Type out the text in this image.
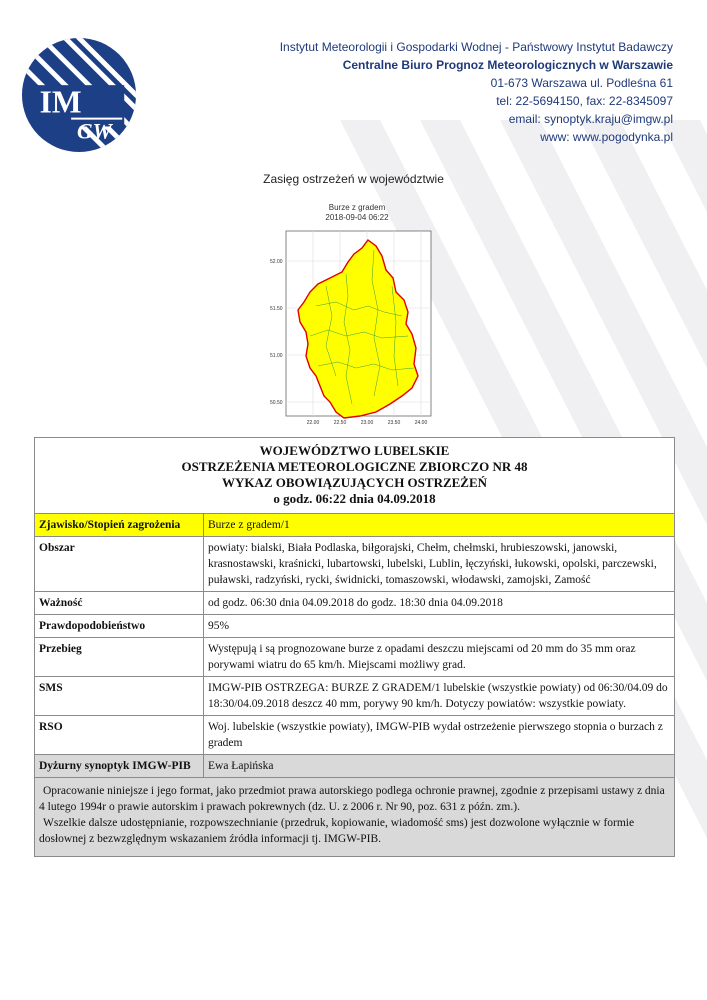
IM
GW
Instytut Meteorologii i Gospodarki Wodnej - Państwowy Instytut Badawczy
Centralne Biuro Prognoz Meteorologicznych w Warszawie
01-673 Warszawa ul. Podleśna 61
tel: 22-5694150, fax: 22-8345097
email: synoptyk.kraju@imgw.pl
www: www.pogodynka.pl
Zasięg ostrzeżeń w województwie
Burze z gradem
2018-09-04 06:22
52.00
51.50
51.00
50.50
22.00	22.50	23.00	23.50	24.00
WOJEWÓDZTWO LUBELSKIE
OSTRZEŻENIA METEOROLOGICZNE ZBIORCZO NR 48
WYKAZ OBOWIĄZUJĄCYCH OSTRZEŻEŃ
o godz. 06:22 dnia 04.09.2018	

Zjawisko/Stopień zagrożenia	Burze z gradem/1
Obszar	powiaty: bialski, Biała Podlaska, biłgorajski, Chełm, chełmski, hrubieszowski, janowski, krasnostawski, kraśnicki, lubartowski, lubelski, Lublin, łęczyński, łukowski, opolski, parczewski, puławski, radzyński, rycki, świdnicki, tomaszowski, włodawski, zamojski, Zamość
Ważność	od godz. 06:30 dnia 04.09.2018 do godz. 18:30 dnia 04.09.2018
Prawdopodobieństwo	95%
Przebieg	Występują i są prognozowane burze z opadami deszczu miejscami od 20 mm do 35 mm oraz porywami wiatru do 65 km/h. Miejscami możliwy grad.
SMS	IMGW-PIB OSTRZEGA: BURZE Z GRADEM/1 lubelskie (wszystkie powiaty) od 06:30/04.09 do 18:30/04.09.2018 deszcz 40 mm, porywy 90 km/h. Dotyczy powiatów: wszystkie powiaty.
RSO	Woj. lubelskie (wszystkie powiaty), IMGW-PIB wydał ostrzeżenie pierwszego stopnia o burzach z gradem
Dyżurny synoptyk IMGW-PIB	Ewa Łapińska

Opracowanie niniejsze i jego format, jako przedmiot prawa autorskiego podlega ochronie prawnej, zgodnie z przepisami ustawy z dnia 4 lutego 1994r o prawie autorskim i prawach pokrewnych (dz. U. z 2006 r. Nr 90, poz. 631 z późn. zm.).
Wszelkie dalsze udostępnianie, rozpowszechnianie (przedruk, kopiowanie, wiadomość sms) jest dozwolone wyłącznie w formie dosłownej z bezwzględnym wskazaniem źródła informacji tj. IMGW-PIB.	
